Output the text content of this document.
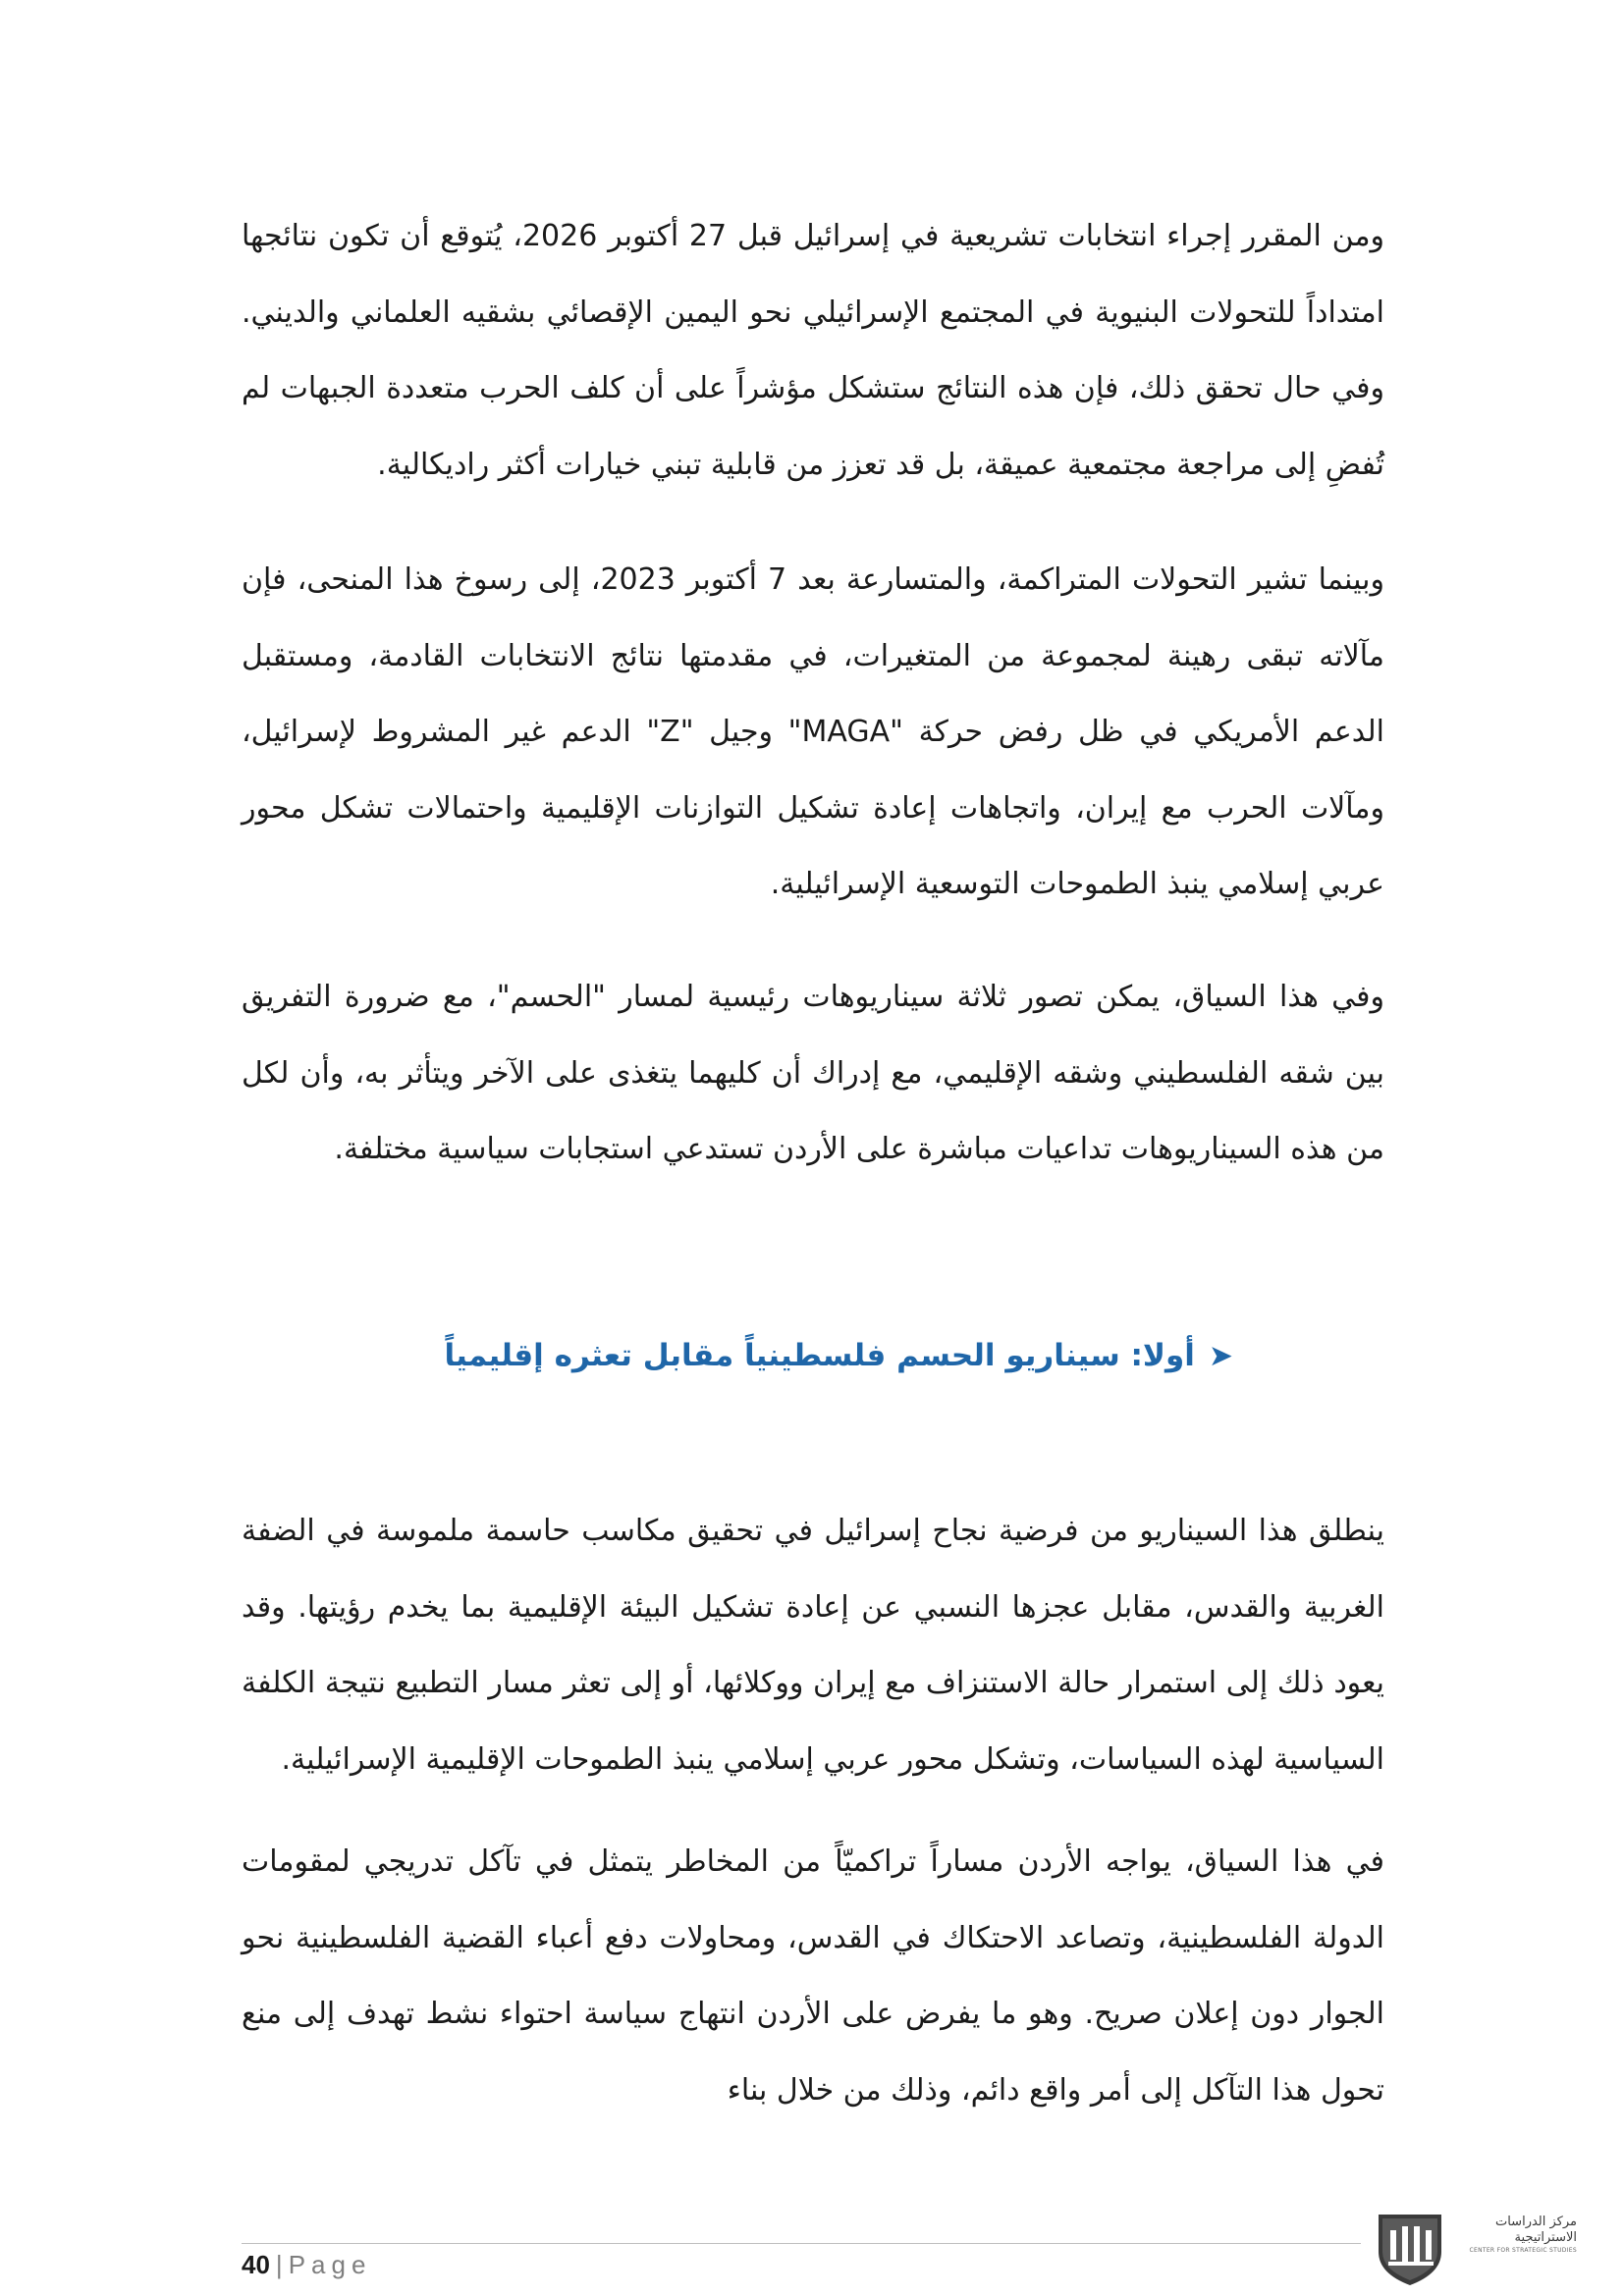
ومن المقرر إجراء انتخابات تشريعية في إسرائيل قبل 27 أكتوبر 2026، يُتوقع أن تكون نتائجها امتداداً للتحولات البنيوية في المجتمع الإسرائيلي نحو اليمين الإقصائي بشقيه العلماني والديني. وفي حال تحقق ذلك، فإن هذه النتائج ستشكل مؤشراً على أن كلف الحرب متعددة الجبهات لم تُفضِ إلى مراجعة مجتمعية عميقة، بل قد تعزز من قابلية تبني خيارات أكثر راديكالية.

وبينما تشير التحولات المتراكمة، والمتسارعة بعد 7 أكتوبر 2023، إلى رسوخ هذا المنحى، فإن مآلاته تبقى رهينة لمجموعة من المتغيرات، في مقدمتها نتائج الانتخابات القادمة، ومستقبل الدعم الأمريكي في ظل رفض حركة "MAGA" وجيل "Z" الدعم غير المشروط لإسرائيل، ومآلات الحرب مع إيران، واتجاهات إعادة تشكيل التوازنات الإقليمية واحتمالات تشكل محور عربي إسلامي ينبذ الطموحات التوسعية الإسرائيلية.

وفي هذا السياق، يمكن تصور ثلاثة سيناريوهات رئيسية لمسار "الحسم"، مع ضرورة التفريق بين شقه الفلسطيني وشقه الإقليمي، مع إدراك أن كليهما يتغذى على الآخر ويتأثر به، وأن لكل من هذه السيناريوهات تداعيات مباشرة على الأردن تستدعي استجابات سياسية مختلفة.

➤أولا: سيناريو الحسم فلسطينياً مقابل تعثره إقليمياً

ينطلق هذا السيناريو من فرضية نجاح إسرائيل في تحقيق مكاسب حاسمة ملموسة في الضفة الغربية والقدس، مقابل عجزها النسبي عن إعادة تشكيل البيئة الإقليمية بما يخدم رؤيتها. وقد يعود ذلك إلى استمرار حالة الاستنزاف مع إيران ووكلائها، أو إلى تعثر مسار التطبيع نتيجة الكلفة السياسية لهذه السياسات، وتشكل محور عربي إسلامي ينبذ الطموحات الإقليمية الإسرائيلية.

في هذا السياق، يواجه الأردن مساراً تراكميّاً من المخاطر يتمثل في تآكل تدريجي لمقومات الدولة الفلسطينية، وتصاعد الاحتكاك في القدس، ومحاولات دفع أعباء القضية الفلسطينية نحو الجوار دون إعلان صريح. وهو ما يفرض على الأردن انتهاج سياسة احتواء نشط تهدف إلى منع تحول هذا التآكل إلى أمر واقع دائم، وذلك من خلال بناء

40 | Page
مركز الدراسات
الاستراتيجية
CENTER FOR STRATEGIC STUDIES
